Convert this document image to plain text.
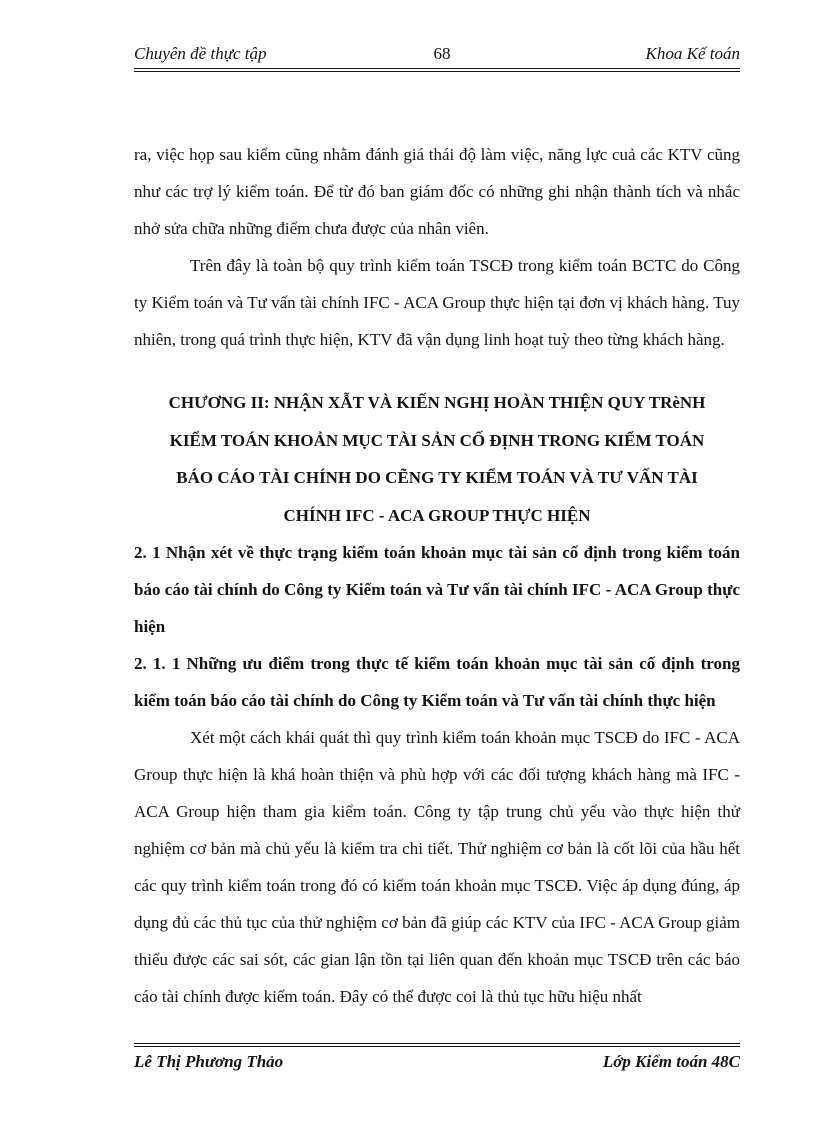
Chuyên đề thực tập	68	Khoa Kế toán
ra, việc họp sau kiểm cũng nhằm đánh giá thái độ làm việc, năng lực cuả các KTV cũng như các trợ lý kiểm toán. Để từ đó ban giám đốc có những ghi nhận thành tích và nhắc nhở sửa chữa những điểm chưa được của nhân viên.
Trên đây là toàn bộ quy trình kiểm toán TSCĐ trong kiểm toán BCTC do Công ty Kiểm toán và Tư vấn tài chính IFC - ACA Group thực hiện tại đơn vị khách hàng. Tuy nhiên, trong quá trình thực hiện, KTV đã vận dụng linh hoạt tuỳ theo từng khách hàng.
CHƯƠNG II: NHẬN XẪT VÀ KIẾN NGHỊ HOÀN THIỆN QUY TRèNH
KIỂM TOÁN KHOẢN MỤC TÀI SẢN CỐ ĐỊNH TRONG KIỂM TOÁN
BÁO CÁO TÀI CHÍNH DO CẼNG TY KIỂM TOÁN VÀ TƯ VẤN TÀI
CHÍNH IFC - ACA GROUP THỰC HIỆN
2. 1 Nhận xét về thực trạng kiểm toán khoản mục tài sản cố định trong kiểm toán báo cáo tài chính do Công ty Kiểm toán và Tư vấn tài chính IFC - ACA Group thực hiện
2. 1. 1 Những ưu điểm trong thực tế kiểm toán khoản mục tài sản cố định trong kiểm toán báo cáo tài chính do Công ty Kiểm toán và Tư vấn tài chính thực hiện
Xét một cách khái quát thì quy trình kiểm toán khoản mục TSCĐ do IFC - ACA Group thực hiện là khá hoàn thiện và phù hợp với các đối tượng khách hàng mà IFC - ACA Group hiện tham gia kiểm toán. Công ty tập trung chủ yếu vào thực hiện thử nghiệm cơ bản mà chủ yếu là kiểm tra chi tiết. Thử nghiệm cơ bản là cốt lõi của hầu hết các quy trình kiểm toán trong đó có kiểm toán khoản mục TSCĐ. Việc áp dụng đúng, áp dụng đủ các thủ tục của thử nghiệm cơ bản đã giúp các KTV của IFC - ACA Group giảm thiểu được các sai sót, các gian lận tồn tại liên quan đến khoản mục TSCĐ trên các báo cáo tài chính được kiểm toán. Đây có thể được coi là thủ tục hữu hiệu nhất
Lê Thị Phương Thảo	Lớp Kiểm toán 48C
